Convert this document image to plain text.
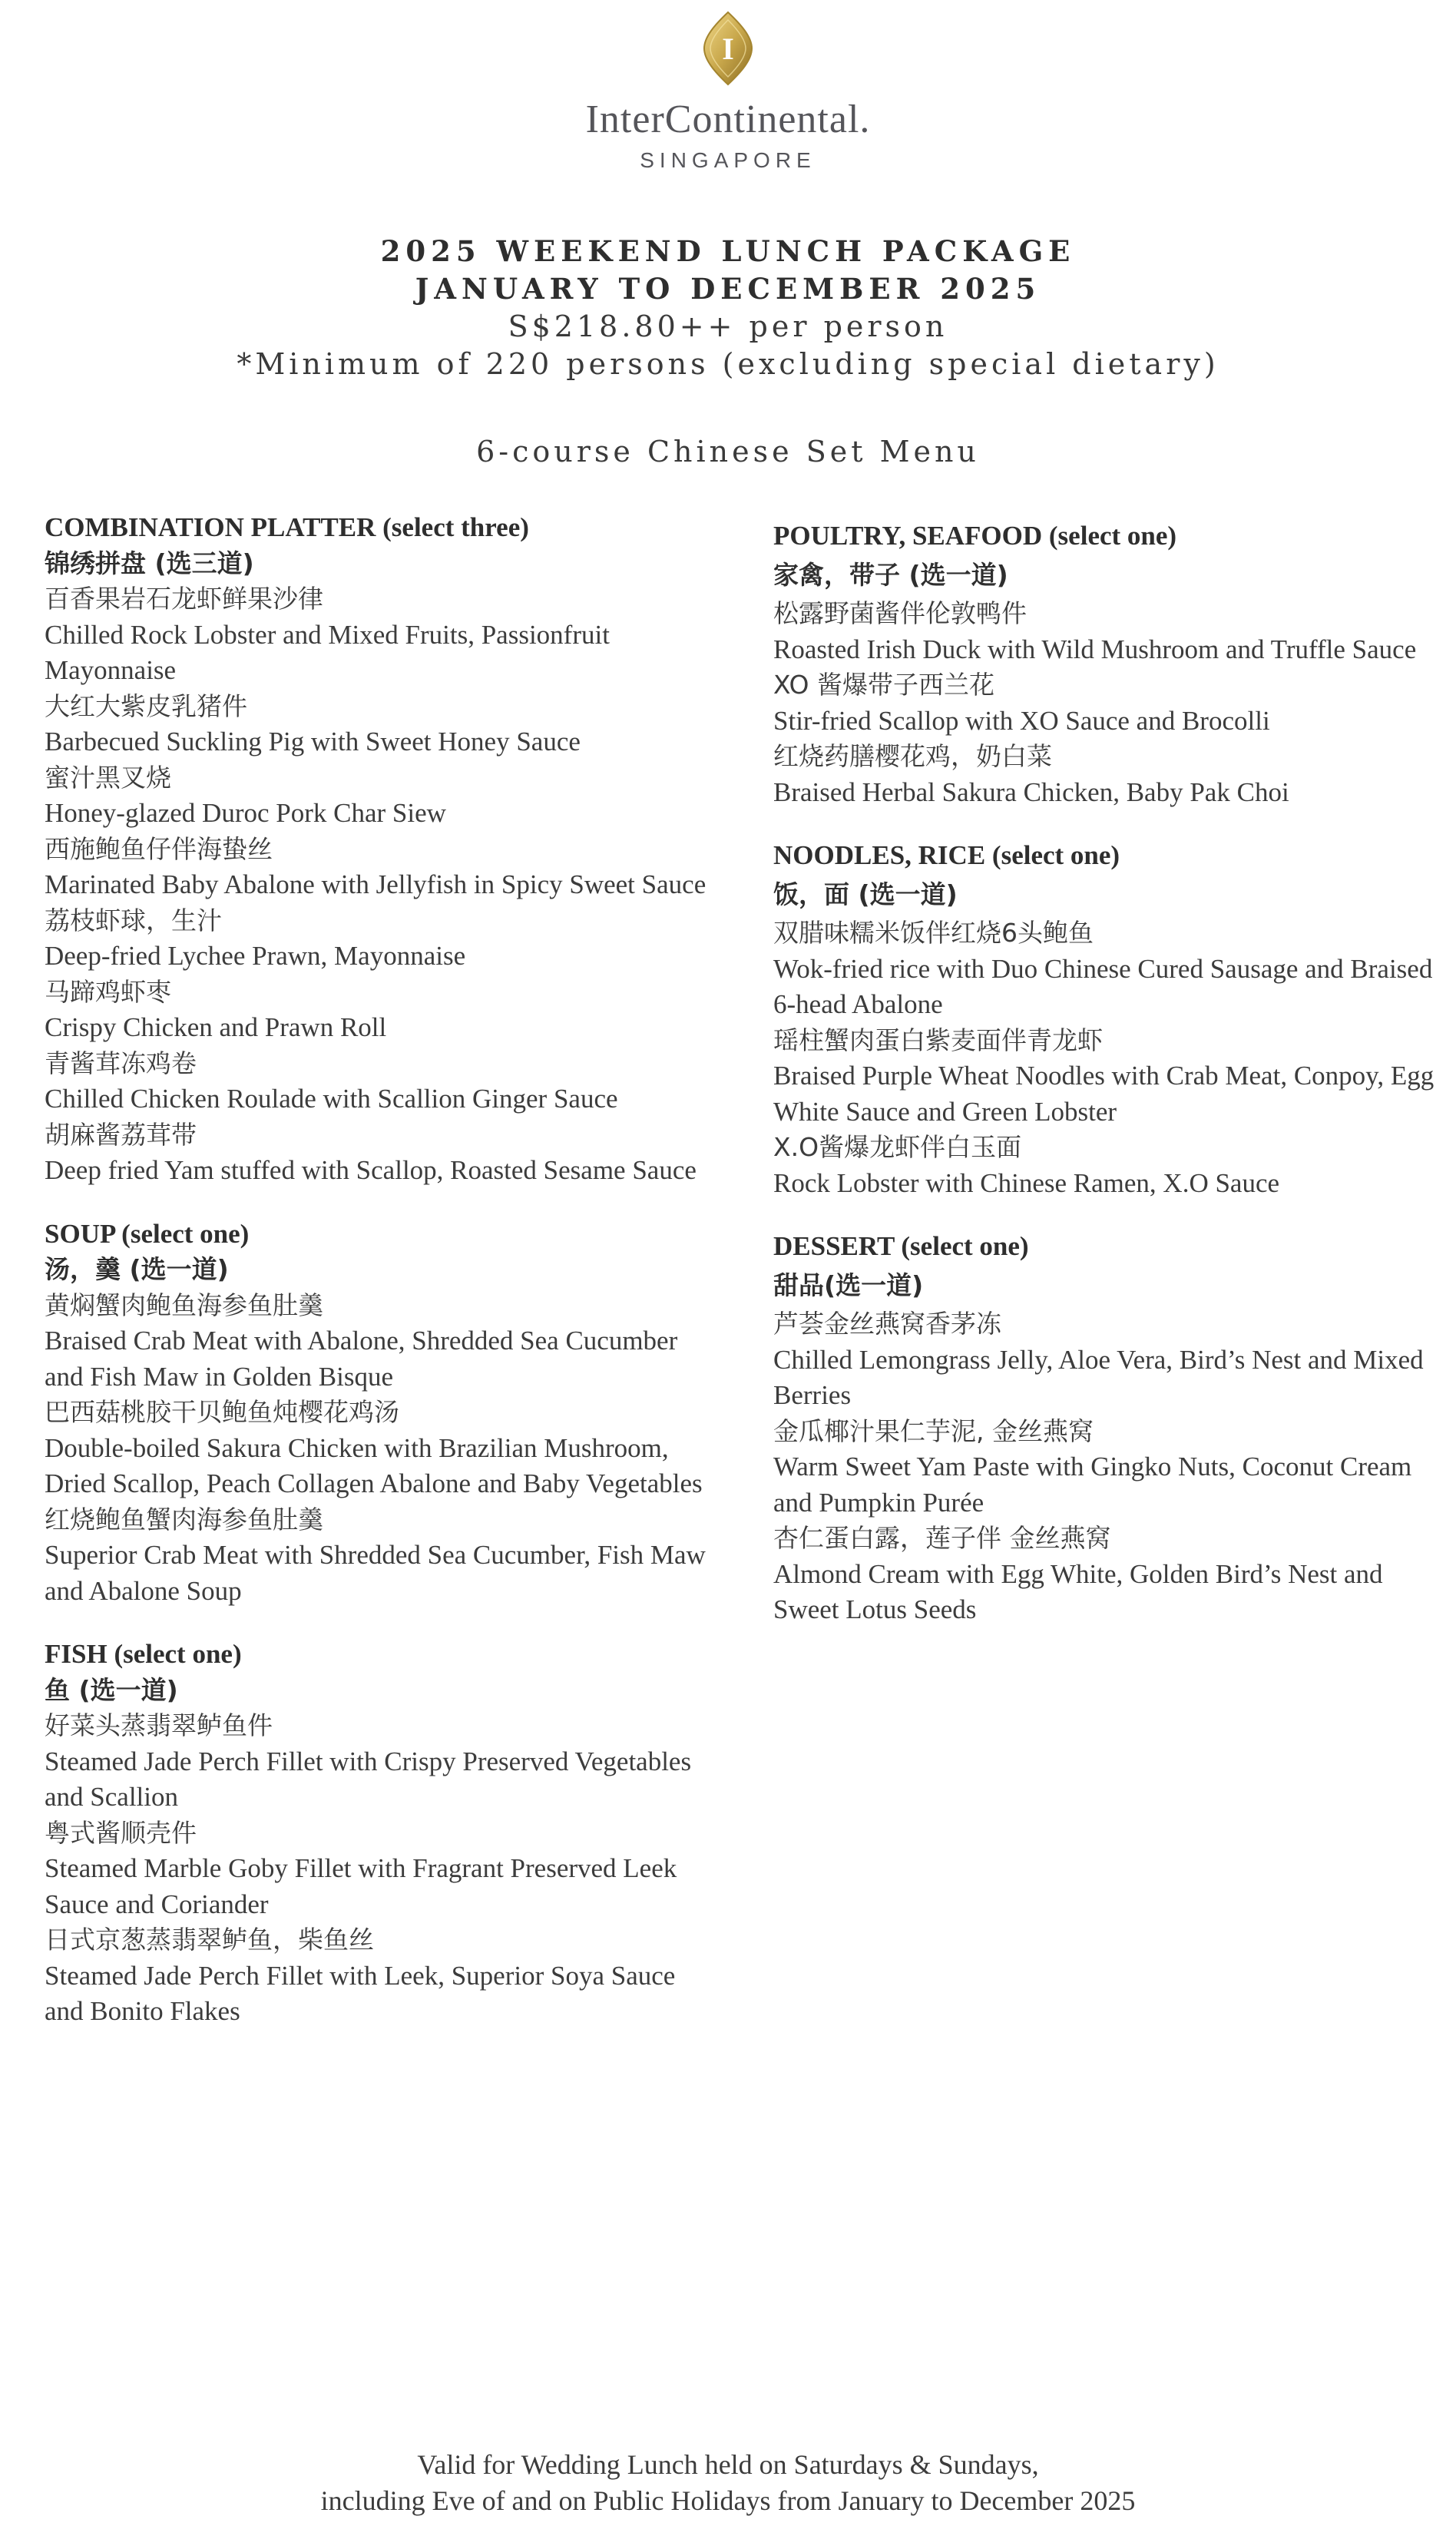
I
InterContinental.
SINGAPORE
2025 WEEKEND LUNCH PACKAGE
JANUARY TO DECEMBER 2025
S$218.80++ per person
*Minimum of 220 persons (excluding special dietary)
6-course Chinese Set Menu
COMBINATION PLATTER (select three)
锦绣拼盘 (选三道)
百香果岩石龙虾鲜果沙律
Chilled Rock Lobster and Mixed Fruits, Passionfruit Mayonnaise
大红大紫皮乳猪件
Barbecued Suckling Pig with Sweet Honey Sauce
蜜汁黑叉烧
Honey-glazed Duroc Pork Char Siew
西施鲍鱼仔伴海蛰丝
Marinated Baby Abalone with Jellyfish in Spicy Sweet Sauce
荔枝虾球，生汁
Deep-fried Lychee Prawn, Mayonnaise
马蹄鸡虾枣
Crispy Chicken and Prawn Roll
青酱茸冻鸡卷
Chilled Chicken Roulade with Scallion Ginger Sauce
胡麻酱荔茸带
Deep fried Yam stuffed with Scallop, Roasted Sesame Sauce
SOUP (select one)
汤，羹 (选一道)
黄焖蟹肉鲍鱼海参鱼肚羹
Braised Crab Meat with Abalone, Shredded Sea Cucumber and Fish Maw in Golden Bisque
巴西菇桃胶干贝鲍鱼炖樱花鸡汤
Double-boiled Sakura Chicken with Brazilian Mushroom, Dried Scallop, Peach Collagen Abalone and Baby Vegetables
红烧鲍鱼蟹肉海参鱼肚羹
Superior Crab Meat with Shredded Sea Cucumber, Fish Maw and Abalone Soup
FISH (select one)
鱼 (选一道)
好菜头蒸翡翠鲈鱼件
Steamed Jade Perch Fillet with Crispy Preserved Vegetables and Scallion
粤式酱顺壳件
Steamed Marble Goby Fillet with Fragrant Preserved Leek Sauce and Coriander
日式京葱蒸翡翠鲈鱼，柴鱼丝
Steamed Jade Perch Fillet with Leek, Superior Soya Sauce and Bonito Flakes
POULTRY, SEAFOOD (select one)
家禽，带子 (选一道)
松露野菌酱伴伦敦鸭件
Roasted Irish Duck with Wild Mushroom and Truffle Sauce
XO 酱爆带子西兰花
Stir-fried Scallop with XO Sauce and Brocolli
红烧药膳樱花鸡，奶白菜
Braised Herbal Sakura Chicken, Baby Pak Choi
NOODLES, RICE (select one)
饭，面 (选一道)
双腊味糯米饭伴红烧6头鲍鱼
Wok-fried rice with Duo Chinese Cured Sausage and Braised 6-head Abalone
瑶柱蟹肉蛋白紫麦面伴青龙虾
Braised Purple Wheat Noodles with Crab Meat, Conpoy, Egg White Sauce and Green Lobster
X.O酱爆龙虾伴白玉面
Rock Lobster with Chinese Ramen, X.O Sauce
DESSERT (select one)
甜品(选一道)
芦荟金丝燕窝香茅冻
Chilled Lemongrass Jelly, Aloe Vera, Bird’s Nest and Mixed Berries
金瓜椰汁果仁芋泥, 金丝燕窝
Warm Sweet Yam Paste with Gingko Nuts, Coconut Cream and Pumpkin Purée
杏仁蛋白露，莲子伴 金丝燕窝
Almond Cream with Egg White, Golden Bird’s Nest and Sweet Lotus Seeds
Valid for Wedding Lunch held on Saturdays & Sundays,
including Eve of and on Public Holidays from January to December 2025
